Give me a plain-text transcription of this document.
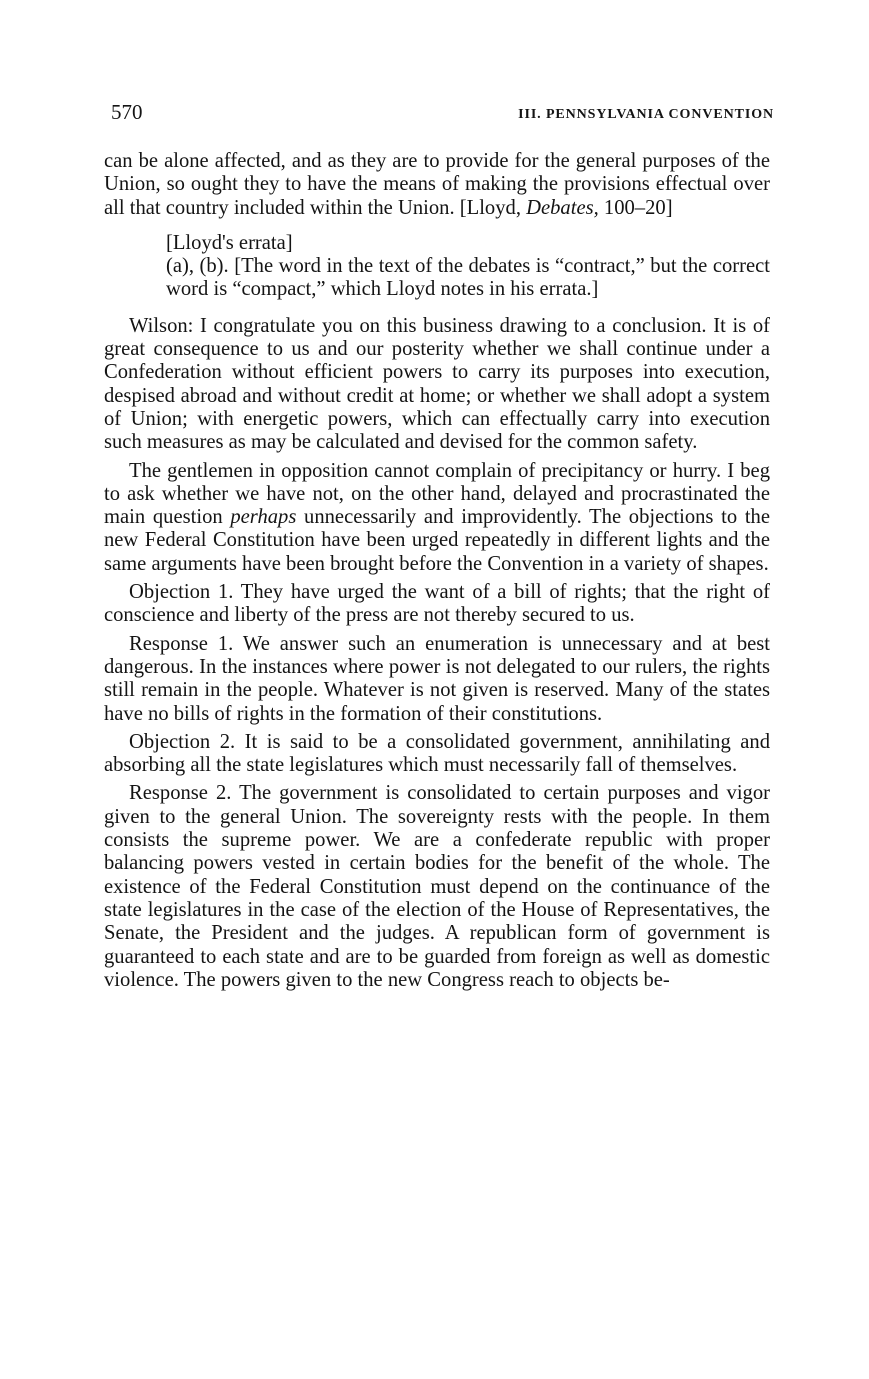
570	III. PENNSYLVANIA CONVENTION

can be alone affected, and as they are to provide for the general purposes of the Union, so ought they to have the means of making the provisions effectual over all that country included within the Union. [Lloyd, Debates, 100–20]

[Lloyd's errata]

(a), (b). [The word in the text of the debates is “contract,” but the correct word is “compact,” which Lloyd notes in his errata.]

Wilson: I congratulate you on this business drawing to a conclusion. It is of great consequence to us and our posterity whether we shall continue under a Confederation without efficient powers to carry its purposes into execution, despised abroad and without credit at home; or whether we shall adopt a system of Union; with energetic powers, which can effectually carry into execution such measures as may be calculated and devised for the common safety.

The gentlemen in opposition cannot complain of precipitancy or hurry. I beg to ask whether we have not, on the other hand, delayed and procrastinated the main question perhaps unnecessarily and improvidently. The objections to the new Federal Constitution have been urged repeatedly in different lights and the same arguments have been brought before the Convention in a variety of shapes.

Objection 1. They have urged the want of a bill of rights; that the right of conscience and liberty of the press are not thereby secured to us.

Response 1. We answer such an enumeration is unnecessary and at best dangerous. In the instances where power is not delegated to our rulers, the rights still remain in the people. Whatever is not given is reserved. Many of the states have no bills of rights in the formation of their constitutions.

Objection 2. It is said to be a consolidated government, annihilating and absorbing all the state legislatures which must necessarily fall of themselves.

Response 2. The government is consolidated to certain purposes and vigor given to the general Union. The sovereignty rests with the people. In them consists the supreme power. We are a confederate republic with proper balancing powers vested in certain bodies for the benefit of the whole. The existence of the Federal Constitution must depend on the continuance of the state legislatures in the case of the election of the House of Representatives, the Senate, the President and the judges. A republican form of government is guaranteed to each state and are to be guarded from foreign as well as domestic violence. The powers given to the new Congress reach to objects be-
